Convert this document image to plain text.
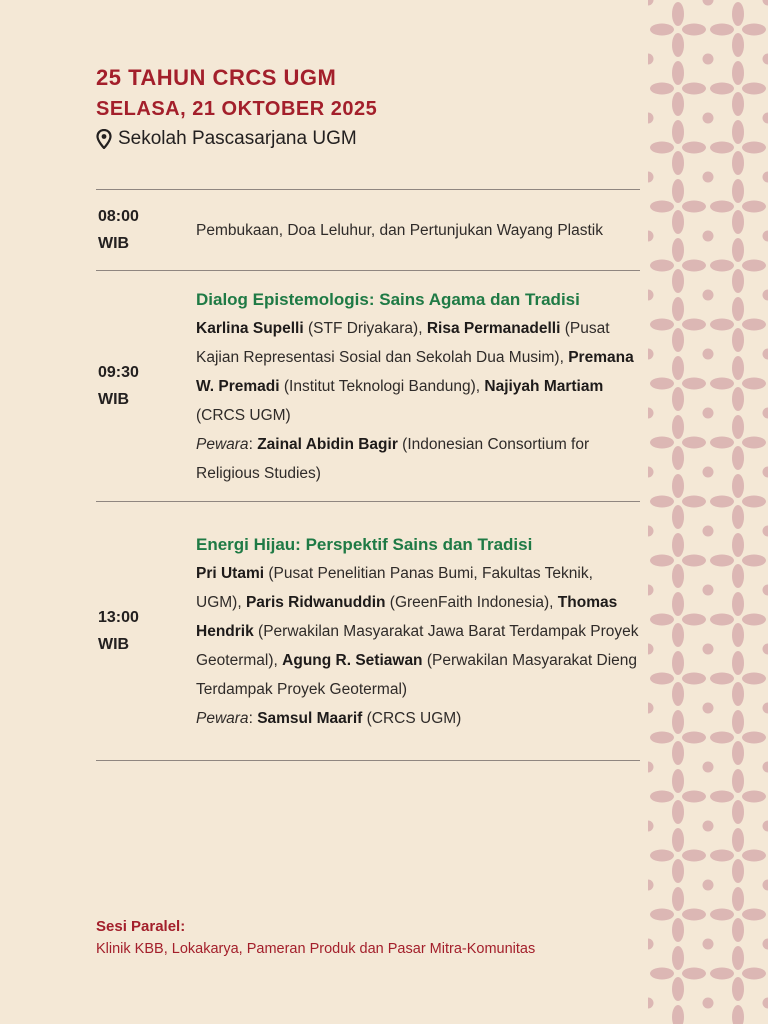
25 TAHUN CRCS UGM
SELASA, 21 OKTOBER 2025
Sekolah Pascasarjana UGM
08:00
WIB
Pembukaan, Doa Leluhur, dan Pertunjukan Wayang Plastik
09:30
WIB
Dialog Epistemologis: Sains Agama dan Tradisi
Karlina Supelli (STF Driyakara), Risa Permanadelli (Pusat Kajian Representasi Sosial dan Sekolah Dua Musim), Premana W. Premadi (Institut Teknologi Bandung), Najiyah Martiam (CRCS UGM)
Pewara: Zainal Abidin Bagir (Indonesian Consortium for Religious Studies)
13:00
WIB
Energi Hijau: Perspektif Sains dan Tradisi
Pri Utami (Pusat Penelitian Panas Bumi, Fakultas Teknik, UGM), Paris Ridwanuddin (GreenFaith Indonesia), Thomas Hendrik (Perwakilan Masyarakat Jawa Barat Terdampak Proyek Geotermal), Agung R. Setiawan (Perwakilan Masyarakat Dieng Terdampak Proyek Geotermal)
Pewara: Samsul Maarif (CRCS UGM)
Sesi Paralel:
Klinik KBB, Lokakarya, Pameran Produk dan Pasar Mitra-Komunitas
